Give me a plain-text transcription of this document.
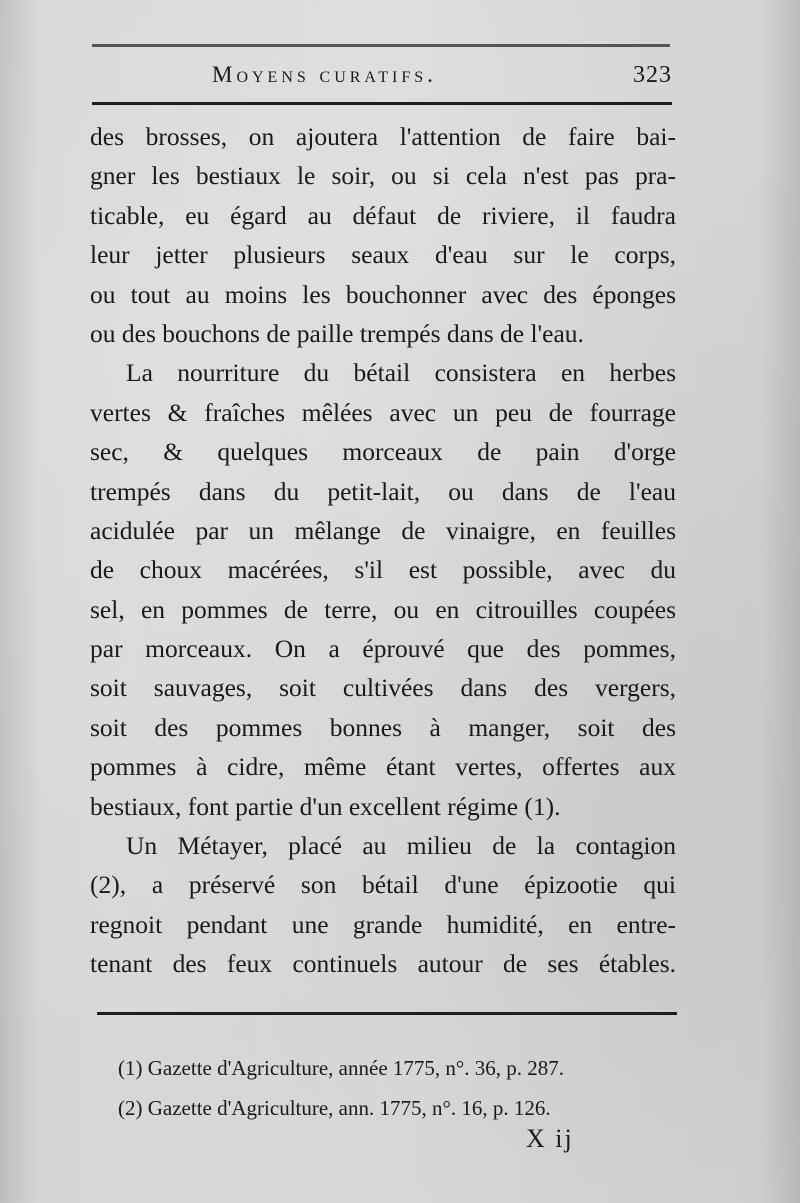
Moyens curatifs.	323
des brosses, on ajoutera l'attention de faire bai-
gner les bestiaux le soir, ou si cela n'est pas pra-
ticable, eu égard au défaut de riviere, il faudra
leur jetter plusieurs seaux d'eau sur le corps,
ou tout au moins les bouchonner avec des éponges
ou des bouchons de paille trempés dans de l'eau.
La nourriture du bétail consistera en herbes
vertes & fraîches mêlées avec un peu de fourrage
sec, & quelques morceaux de pain d'orge
trempés dans du petit-lait, ou dans de l'eau
acidulée par un mêlange de vinaigre, en feuilles
de choux macérées, s'il est possible, avec du
sel, en pommes de terre, ou en citrouilles coupées
par morceaux. On a éprouvé que des pommes,
soit sauvages, soit cultivées dans des vergers,
soit des pommes bonnes à manger, soit des
pommes à cidre, même étant vertes, offertes aux
bestiaux, font partie d'un excellent régime (1).
Un Métayer, placé au milieu de la contagion
(2), a préservé son bétail d'une épizootie qui
regnoit pendant une grande humidité, en entre-
tenant des feux continuels autour de ses étables.
(1) Gazette d'Agriculture, année 1775, n°. 36, p. 287.
(2) Gazette d'Agriculture, ann. 1775, n°. 16, p. 126.
X ij
